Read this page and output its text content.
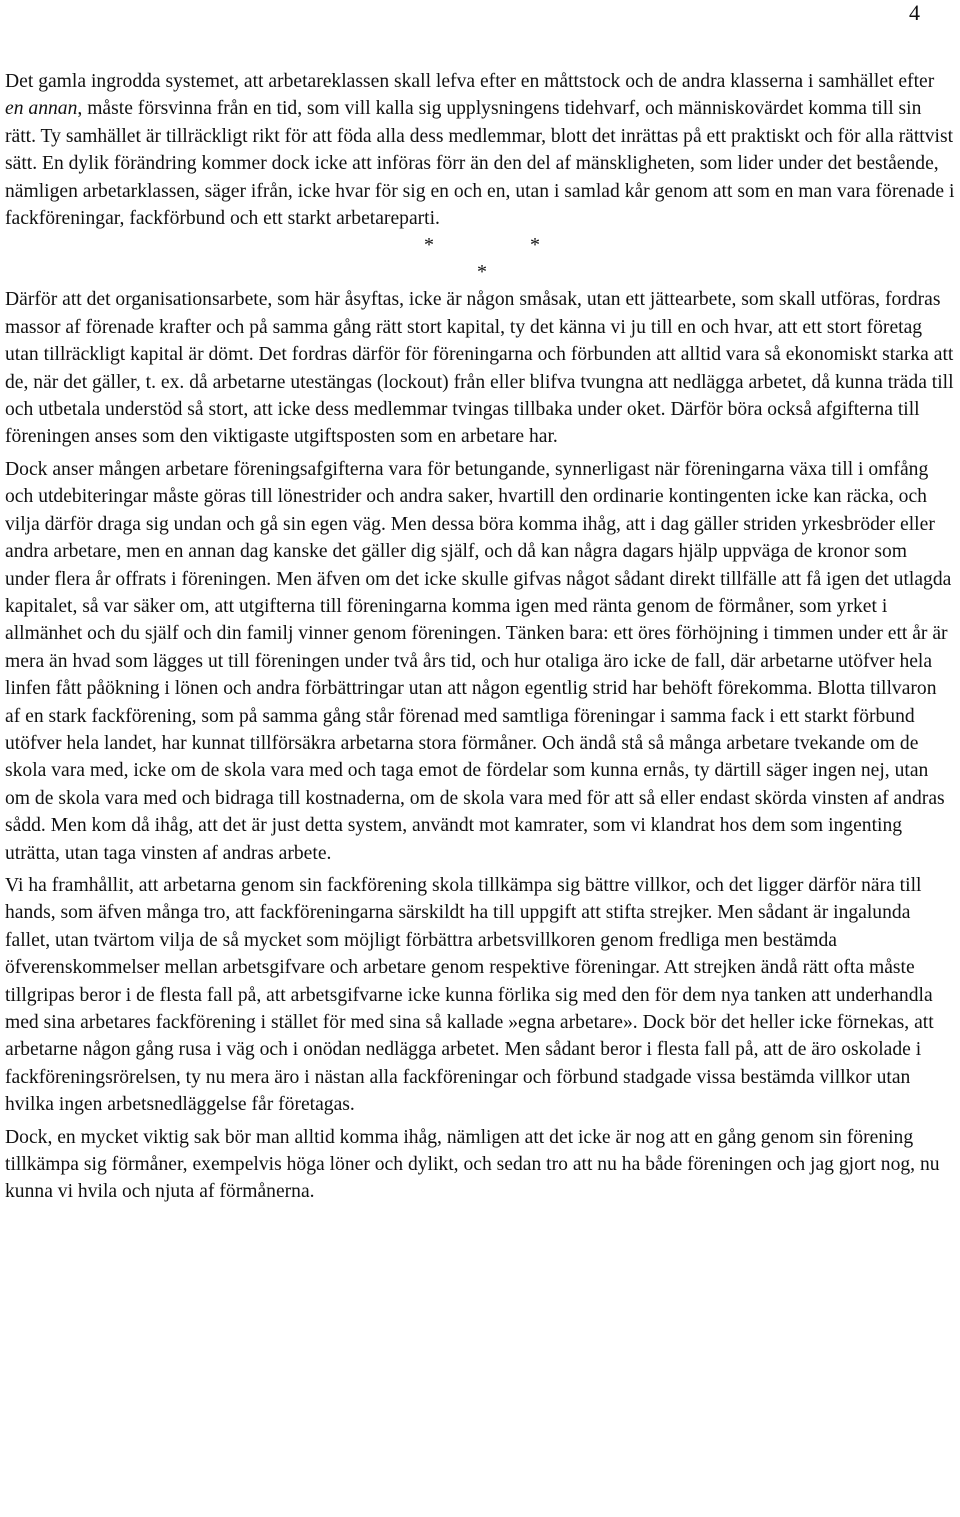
4

Det gamla ingrodda systemet, att arbetareklassen skall lefva efter en måttstock och de andra klasserna i samhället efter en annan, måste försvinna från en tid, som vill kalla sig upplysningens tidehvarf, och människovärdet komma till sin rätt. Ty samhället är tillräckligt rikt för att föda alla dess medlemmar, blott det inrättas på ett praktiskt och för alla rättvist sätt. En dylik förändring kommer dock icke att införas förr än den del af mänskligheten, som lider under det bestående, nämligen arbetarklassen, säger ifrån, icke hvar för sig en och en, utan i samlad kår genom att som en man vara förenade i fackföreningar, fackförbund och ett starkt arbetareparti.

*	*
*

Därför att det organisationsarbete, som här åsyftas, icke är någon småsak, utan ett jättearbete, som skall utföras, fordras massor af förenade krafter och på samma gång rätt stort kapital, ty det känna vi ju till en och hvar, att ett stort företag utan tillräckligt kapital är dömt. Det fordras därför för föreningarna och förbunden att alltid vara så ekonomiskt starka att de, när det gäller, t. ex. då arbetarne utestängas (lockout) från eller blifva tvungna att nedlägga arbetet, då kunna träda till och utbetala understöd så stort, att icke dess medlemmar tvingas tillbaka under oket. Därför böra också afgifterna till föreningen anses som den viktigaste utgiftsposten som en arbetare har.

Dock anser mången arbetare föreningsafgifterna vara för betungande, synnerligast när föreningarna växa till i omfång och utdebiteringar måste göras till lönestrider och andra saker, hvartill den ordinarie kontingenten icke kan räcka, och vilja därför draga sig undan och gå sin egen väg. Men dessa böra komma ihåg, att i dag gäller striden yrkesbröder eller andra arbetare, men en annan dag kanske det gäller dig själf, och då kan några dagars hjälp uppväga de kronor som under flera år offrats i föreningen. Men äfven om det icke skulle gifvas något sådant direkt tillfälle att få igen det utlagda kapitalet, så var säker om, att utgifterna till föreningarna komma igen med ränta genom de förmåner, som yrket i allmänhet och du själf och din familj vinner genom föreningen. Tänken bara: ett öres förhöjning i timmen under ett år är mera än hvad som lägges ut till föreningen under två års tid, och hur otaliga äro icke de fall, där arbetarne utöfver hela linfen fått påökning i lönen och andra förbättringar utan att någon egentlig strid har behöft förekomma. Blotta tillvaron af en stark fackförening, som på samma gång står förenad med samtliga föreningar i samma fack i ett starkt förbund utöfver hela landet, har kunnat tillförsäkra arbetarna stora förmåner. Och ändå stå så många arbetare tvekande om de skola vara med, icke om de skola vara med och taga emot de fördelar som kunna ernås, ty därtill säger ingen nej, utan om de skola vara med och bidraga till kostnaderna, om de skola vara med för att så eller endast skörda vinsten af andras sådd. Men kom då ihåg, att det är just detta system, användt mot kamrater, som vi klandrat hos dem som ingenting uträtta, utan taga vinsten af andras arbete.

Vi ha framhållit, att arbetarna genom sin fackförening skola tillkämpa sig bättre villkor, och det ligger därför nära till hands, som äfven många tro, att fackföreningarna särskildt ha till uppgift att stifta strejker. Men sådant är ingalunda fallet, utan tvärtom vilja de så mycket som möjligt förbättra arbetsvillkoren genom fredliga men bestämda öfverenskommelser mellan arbetsgifvare och arbetare genom respektive föreningar. Att strejken ändå rätt ofta måste tillgripas beror i de flesta fall på, att arbetsgifvarne icke kunna förlika sig med den för dem nya tanken att underhandla med sina arbetares fackförening i stället för med sina så kallade »egna arbetare». Dock bör det heller icke förnekas, att arbetarne någon gång rusa i väg och i onödan nedlägga arbetet. Men sådant beror i flesta fall på, att de äro oskolade i fackföreningsrörelsen, ty nu mera äro i nästan alla fackföreningar och förbund stadgade vissa bestämda villkor utan hvilka ingen arbetsnedläggelse får företagas.

Dock, en mycket viktig sak bör man alltid komma ihåg, nämligen att det icke är nog att en gång genom sin förening tillkämpa sig förmåner, exempelvis höga löner och dylikt, och sedan tro att nu ha både föreningen och jag gjort nog, nu kunna vi hvila och njuta af förmånerna.
